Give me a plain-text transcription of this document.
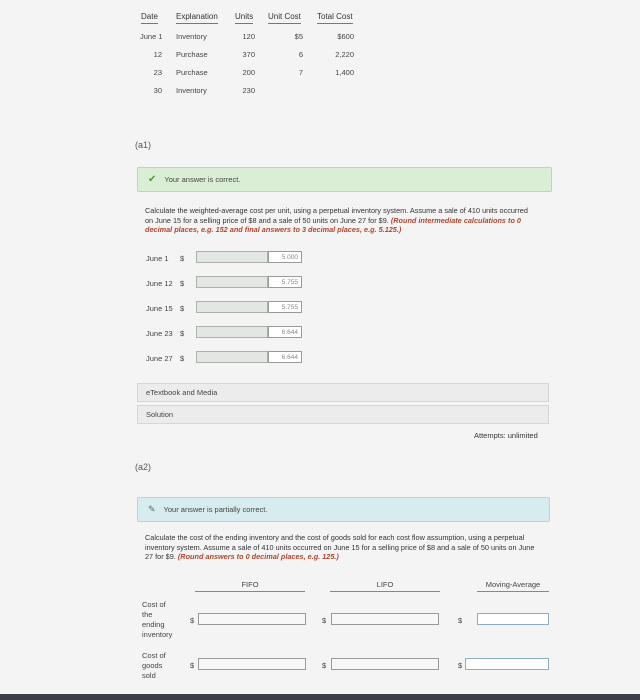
Date Explanation Units Unit Cost Total Cost
June 1 Inventory	120	$5	$600
12 Purchase	370	6	2,220
23 Purchase	200	7	1,400
30 Inventory	230
(a1)
✔ Your answer is correct.
Calculate the weighted-average cost per unit, using a perpetual inventory system. Assume a sale of 410 units occurred on June 15 for a selling price of $8 and a sale of 50 units on June 27 for $9. (Round intermediate calculations to 0 decimal places, e.g. 152 and final answers to 3 decimal places, e.g. 5.125.)
June 1 $	5.000
June 12 $	5.755
June 15 $	5.755
June 23 $	6.644
June 27 $	6.644
eTextbook and Media
Solution
Attempts: unlimited
(a2)
✎ Your answer is partially correct.
Calculate the cost of the ending inventory and the cost of goods sold for each cost flow assumption, using a perpetual inventory system. Assume a sale of 410 units occurred on June 15 for a selling price of $8 and a sale of 50 units on June 27 for $9. (Round answers to 0 decimal places, e.g. 125.)
FIFO	LIFO	Moving-Average
Cost of
the
ending
inventory
$	$	$
Cost of
goods
sold
$	$	$
